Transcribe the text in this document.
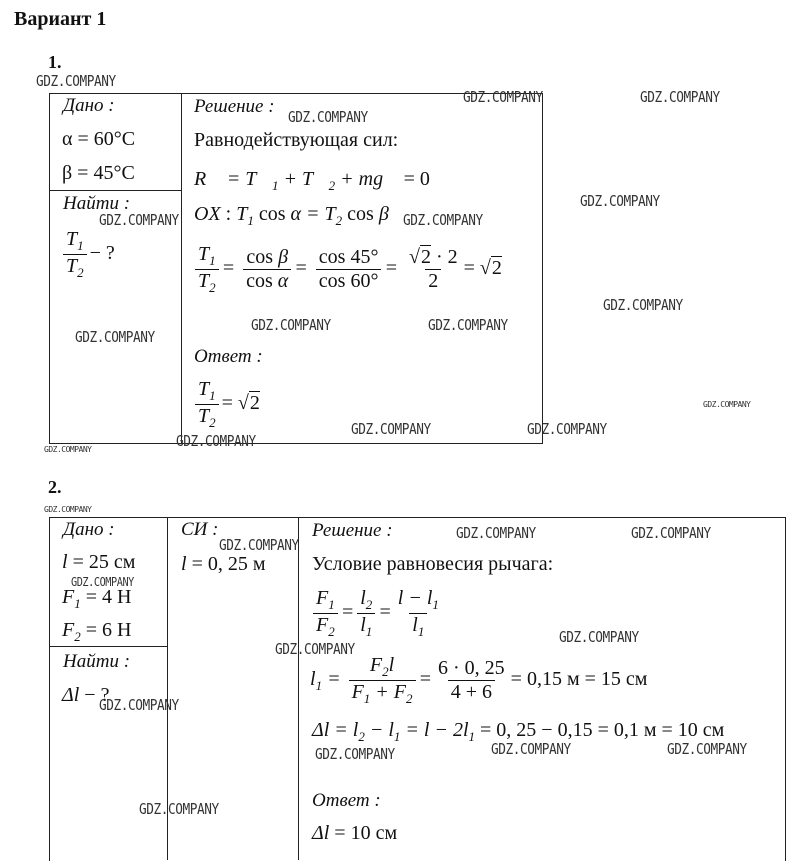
Вариант 1
1.
Дано :
α = 60°C
β = 45°C
Найти :
$\frac{T_1}{T_2}$ − ?
Решение :
Равнодействующая сил:
R⃗ = $T⃗_1$ + $T⃗_2$ + mg⃗ = 0
OX : $T_1$ $\cos \alpha = T_2$ cos β
$\frac{T_1}{T_2} = \frac{\text{cos β}}{\text{cos α}} = \frac{\cos 45^\circ}{\cos 60^\circ} = \frac{√2 \cdot 2}{2} = √2$
Ответ :
$\frac{T_1}{T_2} = √2$
2.
Дано :
l = 25 см
$F_1 = 4$ Н
$F_2 = 6$ Н
Найти :
Δl − ?
СИ :
l = 0, 25 м
Решение :
Условие равновесия рычага:
$\frac{F_1}{F_2} = \frac{l_2}{l_1} = \frac{l - l_1}{l_1}$
$l_1 = \frac{F_2l}{F_1 + F_2} = \frac{6 \cdot 0, 25}{4 + 6} = 0,15$ м = 15 см
$\Delta l = l_2 - l_1 = l - 2l_1 = 0$, 25 − 0,15 = 0,1 м = 10 см
Ответ :
Δl = 10 см
GDZ.COMPANY
GDZ.COMPANY
GDZ.COMPANY	GDZ.COMPANY
GDZ.COMPANY	GDZ.COMPANY
GDZ.COMPANY
GDZ.COMPANY
GDZ.COMPANY	GDZ.COMPANY
GDZ.COMPANY
GDZ.COMPANY
GDZ.COMPANY	GDZ.COMPANY
GDZ.COMPANY
GDZ.COMPANY
GDZ.COMPANY
GDZ.COMPANY
GDZ.COMPANY	GDZ.COMPANY
GDZ.COMPANY
GDZ.COMPANY
GDZ.COMPANY
GDZ.COMPANY
GDZ.COMPANY	GDZ.COMPANY	GDZ.COMPANY
GDZ.COMPANY
